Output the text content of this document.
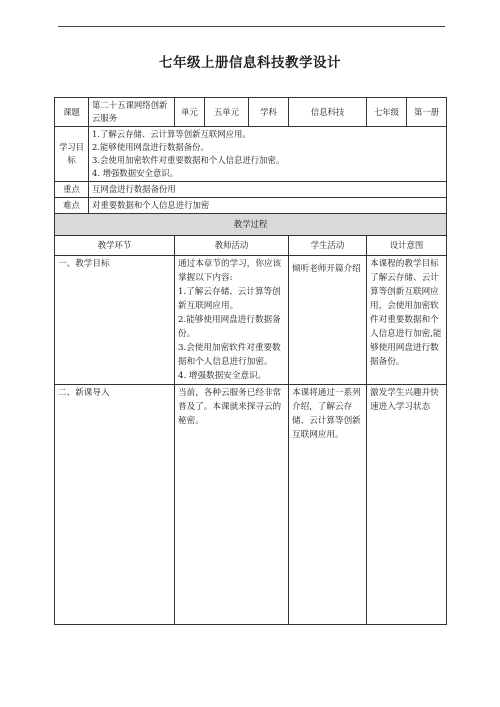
七年级上册信息科技教学设计
课题	第二十五课网络创新云服务	单元	五单元	学科	信息科技	七年级	第一册
学习目标	1.了解云存储、云计算等创新互联网应用。
2.能够使用网盘进行数据备份。
3.会使用加密软件对重要数据和个人信息进行加密。
4. 增强数据安全意识。						

重点	互网盘进行数据备份用						
难点	对重要数据和个人信息进行加密						
教学过程							
教学环节		教师活动			学生活动	设计意图	
一、教学目标		通过本章节的学习，你应该掌握以下内容:
1.了解云存储、云计算等创新互联网应用。
2.能够使用网盘进行数据备份。
3.会使用加密软件对重要数据和个人信息进行加密。
4. 增强数据安全意识。			倾听老师开篇介绍	本课程的教学目标了解云存储、云计算等创新互联网应用，会使用加密软件对重要数据和个人信息进行加密,能够使用网盘进行数据备份。	
二、新课导入		当前，各种云服务已经非常普及了。本课就来探寻云的秘密。			本课将通过一系列介绍，了解云存储、云计算等创新互联网应用。	激发学生兴趣并快速进入学习状态	
